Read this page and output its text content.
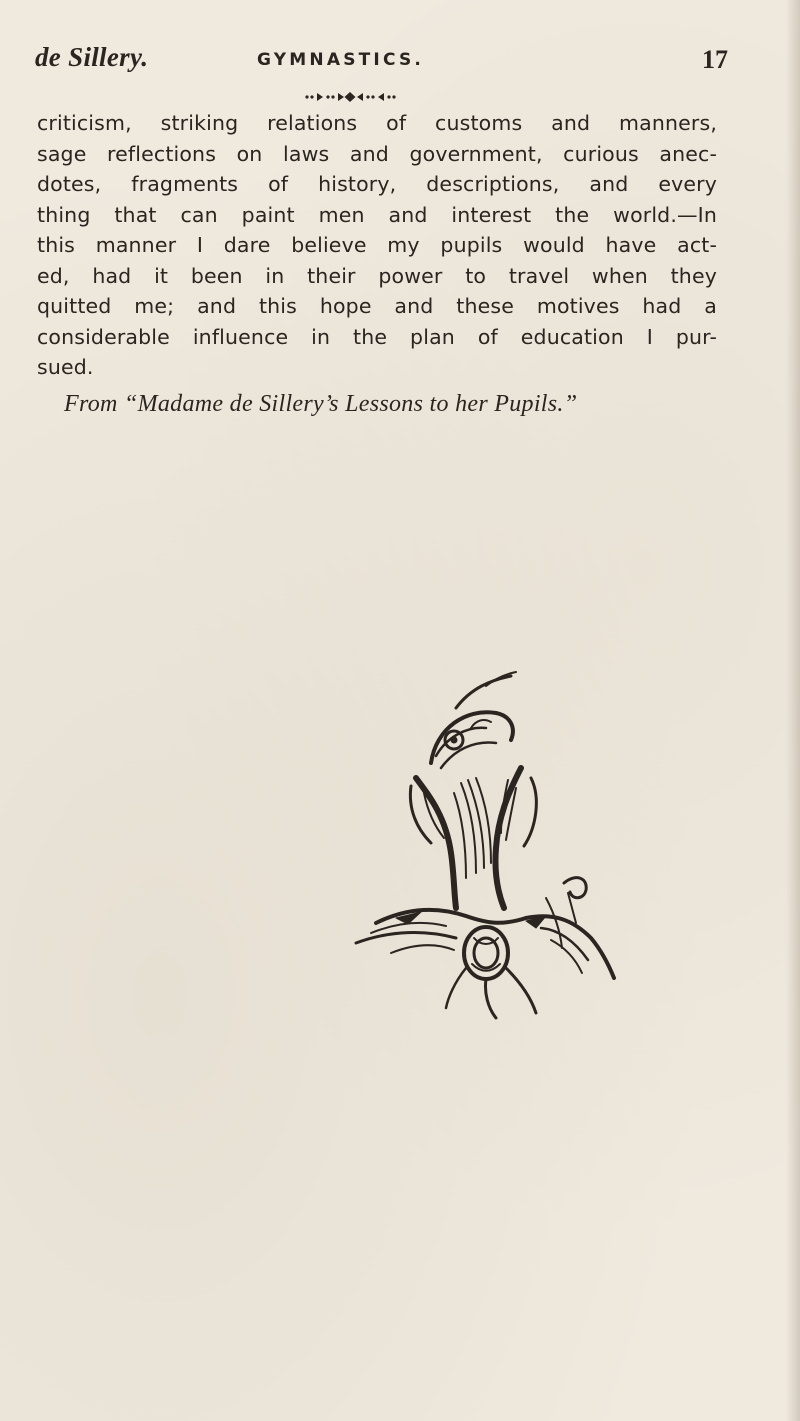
de Sillery.	GYMNASTICS.	17
criticism, striking relations of customs and manners,
sage reflections on laws and government, curious anec-
dotes, fragments of history, descriptions, and every
thing that can paint men and interest the world.—In
this manner I dare believe my pupils would have act-
ed, had it been in their power to travel when they
quitted me; and this hope and these motives had a
considerable influence in the plan of education I pur-
sued.
From “Madame de Sillery’s Lessons to her Pupils.”
